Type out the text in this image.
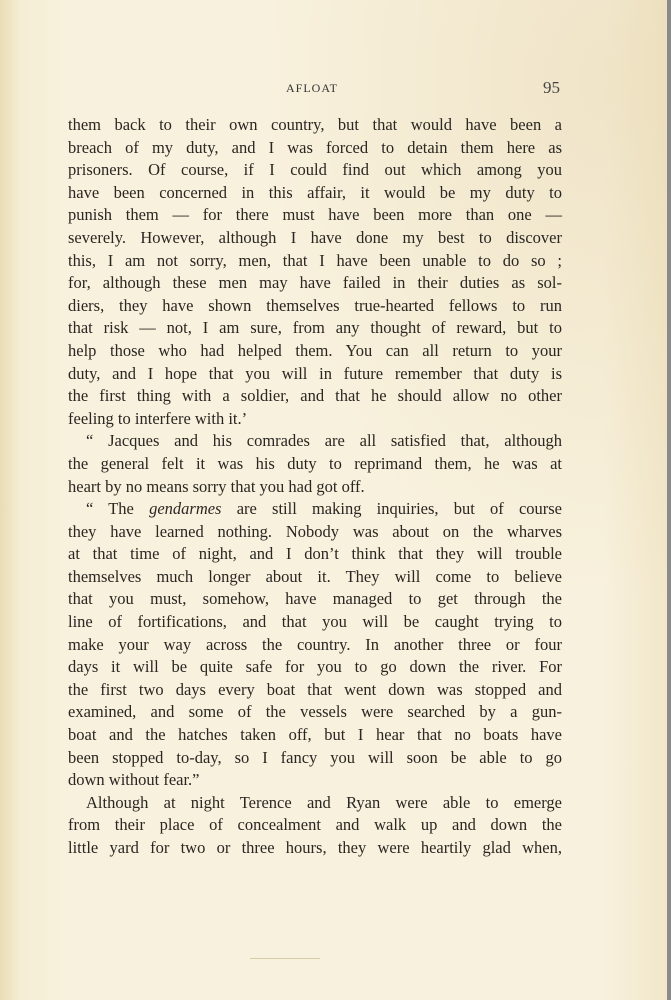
AFLOAT	95
them back to their own country, but that would have been a
breach of my duty, and I was forced to detain them here as
prisoners. Of course, if I could find out which among you
have been concerned in this affair, it would be my duty to
punish them — for there must have been more than one —
severely. However, although I have done my best to discover
this, I am not sorry, men, that I have been unable to do so ;
for, although these men may have failed in their duties as sol-
diers, they have shown themselves true-hearted fellows to run
that risk — not, I am sure, from any thought of reward, but to
help those who had helped them. You can all return to your
duty, and I hope that you will in future remember that duty is
the first thing with a soldier, and that he should allow no other
feeling to interfere with it.’
“ Jacques and his comrades are all satisfied that, although
the general felt it was his duty to reprimand them, he was at
heart by no means sorry that you had got off.
“ The gendarmes are still making inquiries, but of course
they have learned nothing. Nobody was about on the wharves
at that time of night, and I don’t think that they will trouble
themselves much longer about it. They will come to believe
that you must, somehow, have managed to get through the
line of fortifications, and that you will be caught trying to
make your way across the country. In another three or four
days it will be quite safe for you to go down the river. For
the first two days every boat that went down was stopped and
examined, and some of the vessels were searched by a gun-
boat and the hatches taken off, but I hear that no boats have
been stopped to-day, so I fancy you will soon be able to go
down without fear.”
Although at night Terence and Ryan were able to emerge
from their place of concealment and walk up and down the
little yard for two or three hours, they were heartily glad when,
